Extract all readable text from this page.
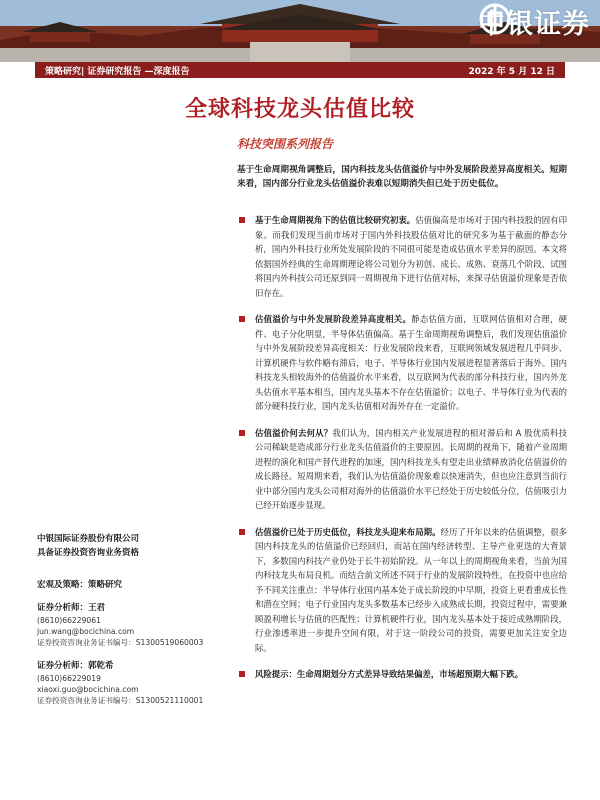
中银证券
策略研究| 证券研究报告 —深度报告	2022 年 5 月 12 日
全球科技龙头估值比较
科技突围系列报告
基于生命周期视角调整后，国内科技龙头估值溢价与中外发展阶段差异高度相关。短期来看，国内部分行业龙头估值溢价表难以短期消失但已处于历史低位。
基于生命周期视角下的估值比较研究初衷。估值偏高是市场对于国内科技股的固有印象。而我们发现当前市场对于国内外科技股估值对比的研究多为基于截面的静态分析，国内外科技行业所处发展阶段的不同很可能是造成估值水平差异的原因。本文将依据国外经典的生命周期理论将公司划分为初创、成长、成熟、衰落几个阶段，试图将国内外科技公司还原到同一周期视角下进行估值对标，来探寻估值溢价现象是否依旧存在。
估值溢价与中外发展阶段差异高度相关。静态估值方面，互联网估值相对合理，硬件、电子分化明显，半导体估值偏高。基于生命周期视角调整后，我们发现估值溢价与中外发展阶段差异高度相关：行业发展阶段来看，互联网领域发展进程几乎同步、计算机硬件与软件略有滞后，电子、半导体行业国内发展进程显著落后于海外。国内科技龙头相较海外的估值溢价水平来看，以互联网为代表的部分科技行业，国内外龙头估值水平基本相当，国内龙头基本不存在估值溢价；以电子、半导体行业为代表的部分硬科技行业，国内龙头估值相对海外存在一定溢价。
估值溢价何去何从？我们认为，国内相关产业发展进程的相对滞后和 A 股优质科技公司稀缺是造成部分行业龙头估值溢价的主要原因。长周期的视角下，随着产业周期进程的演化和国产替代进程的加速，国内科技龙头有望走出业绩释放消化估值溢价的成长路径。短周期来看，我们认为估值溢价现象难以快速消失，但也应注意到当前行业中部分国内龙头公司相对海外的估值溢价水平已经处于历史较低分位，估值吸引力已经开始逐步显现。
估值溢价已处于历史低位，科技龙头迎来布局期。经历了开年以来的估值调整，很多国内科技龙头的估值溢价已经回归，而站在国内经济转型、主导产业更迭的大背景下，多数国内科技产业仍处于长牛初始阶段。从一年以上的周期视角来看，当前为国内科技龙头布局良机。而结合前文所述不同于行业的发展阶段特性，在投资中也应给予不同关注重点：半导体行业国内基本处于成长阶段的中早期，投资上更看重成长性和潜在空间；电子行业国内龙头多数基本已经步入成熟成长期，投资过程中，需要兼顾盈利增长与估值的匹配性；计算机硬件行业，国内龙头基本处于接近成熟期阶段，行业渗透率进一步提升空间有限，对于这一阶段公司的投资，需要更加关注安全边际。
风险提示：生命周期划分方式差异导致结果偏差，市场超预期大幅下跌。
中银国际证券股份有限公司
具备证券投资咨询业务资格
宏观及策略：策略研究
证券分析师：王君
(8610)66229061
jun.wang@bocichina.com
证券投资咨询业务证书编号：S1300519060003
证券分析师：郭乾希
(8610)66229019
xiaoxi.guo@bocichina.com
证券投资咨询业务证书编号：S1300521110001
